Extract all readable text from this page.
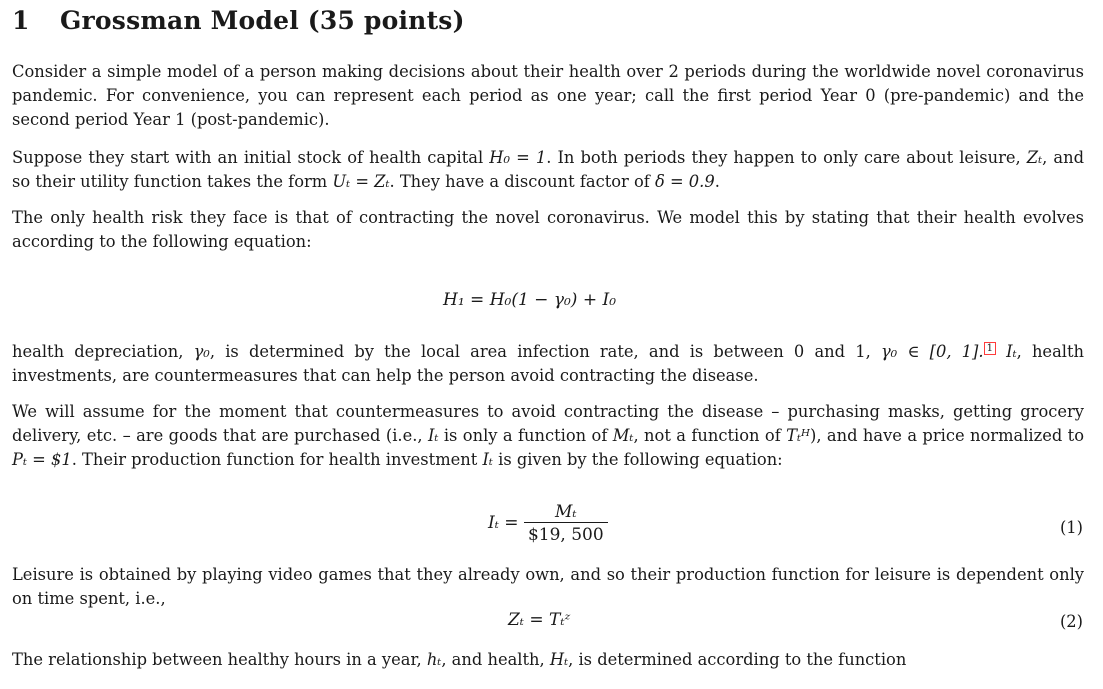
1 Grossman Model (35 points)
Consider a simple model of a person making decisions about their health over 2 periods during the worldwide novel coronavirus pandemic. For convenience, you can represent each period as one year; call the first period Year 0 (pre-pandemic) and the second period Year 1 (post-pandemic).
Suppose they start with an initial stock of health capital H₀ = 1. In both periods they happen to only care about leisure, Zₜ, and so their utility function takes the form Uₜ = Zₜ. They have a discount factor of δ = 0.9.
The only health risk they face is that of contracting the novel coronavirus. We model this by stating that their health evolves according to the following equation:
H₁ = H₀(1 − γ₀) + I₀
health depreciation, γ₀, is determined by the local area infection rate, and is between 0 and 1, γ₀ ∈ [0, 1]. 1 Iₜ, health investments, are countermeasures that can help the person avoid contracting the disease.
We will assume for the moment that countermeasures to avoid contracting the disease – purchasing masks, getting grocery delivery, etc. – are goods that are purchased (i.e., Iₜ is only a function of Mₜ, not a function of Tₜᴴ), and have a price normalized to Pₜ = $1. Their production function for health investment Iₜ is given by the following equation:
$I_t = \frac{\text{Mₜ}}{\$19, 500}$	(1)
Leisure is obtained by playing video games that they already own, and so their production function for leisure is dependent only on time spent, i.e.,
Zₜ = Tₜᶻ	(2)
The relationship between healthy hours in a year, hₜ, and health, Hₜ, is determined according to the function
